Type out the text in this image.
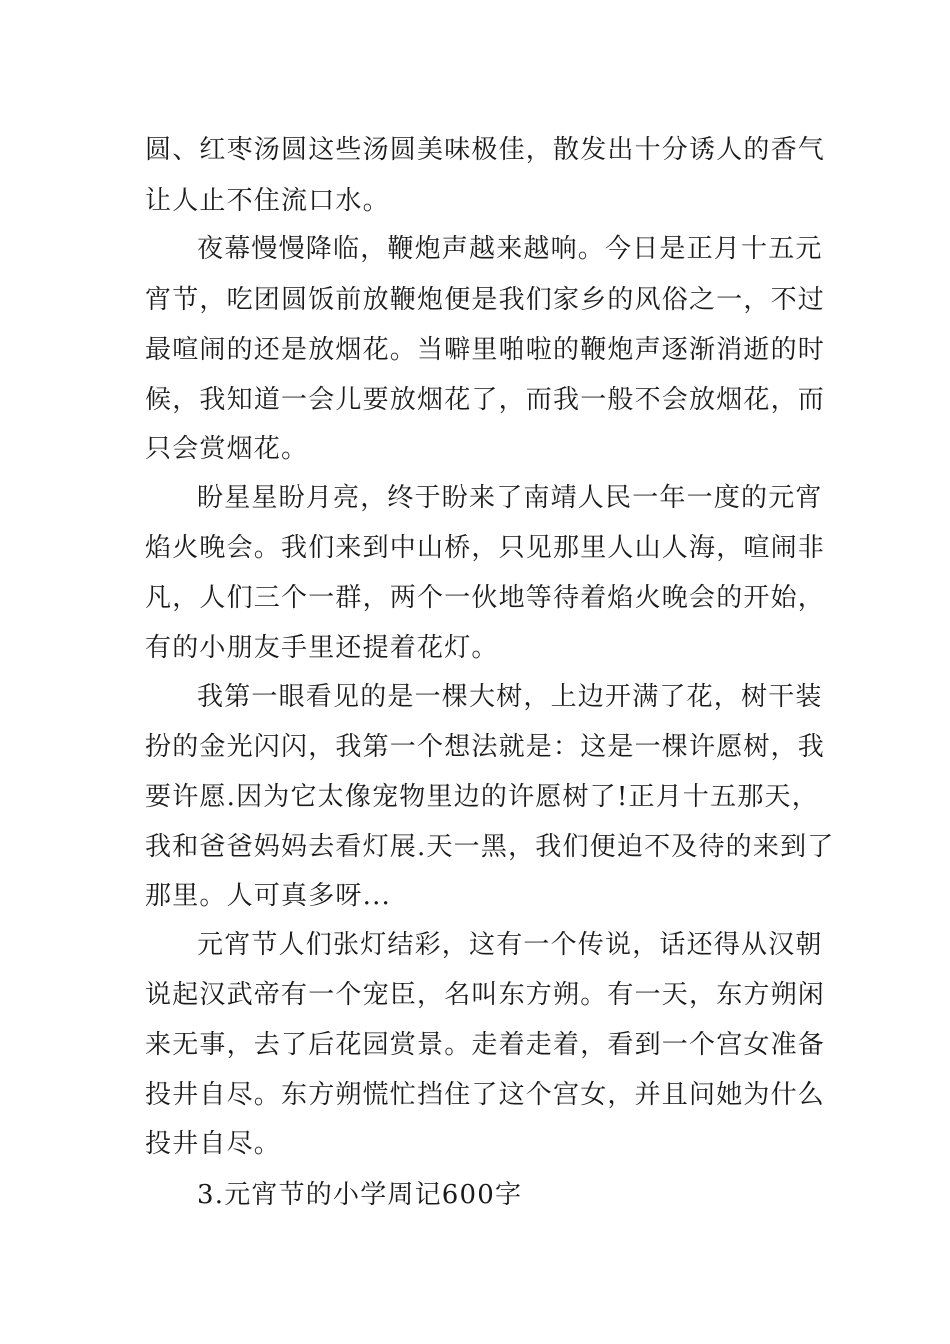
圆、红枣汤圆这些汤圆美味极佳，散发出十分诱人的香气
让人止不住流口水。
夜幕慢慢降临，鞭炮声越来越响。今日是正月十五元
宵节，吃团圆饭前放鞭炮便是我们家乡的风俗之一，不过
最喧闹的还是放烟花。当噼里啪啦的鞭炮声逐渐消逝的时
候，我知道一会儿要放烟花了，而我一般不会放烟花，而
只会赏烟花。
盼星星盼月亮，终于盼来了南靖人民一年一度的元宵
焰火晚会。我们来到中山桥，只见那里人山人海，喧闹非
凡，人们三个一群，两个一伙地等待着焰火晚会的开始，
有的小朋友手里还提着花灯。
我第一眼看见的是一棵大树，上边开满了花，树干装
扮的金光闪闪，我第一个想法就是：这是一棵许愿树，我
要许愿.因为它太像宠物里边的许愿树了!正月十五那天，
我和爸爸妈妈去看灯展.天一黑，我们便迫不及待的来到了
那里。人可真多呀...
元宵节人们张灯结彩，这有一个传说，话还得从汉朝
说起汉武帝有一个宠臣，名叫东方朔。有一天，东方朔闲
来无事，去了后花园赏景。走着走着，看到一个宫女准备
投井自尽。东方朔慌忙挡住了这个宫女，并且问她为什么
投井自尽。
3.元宵节的小学周记600字
